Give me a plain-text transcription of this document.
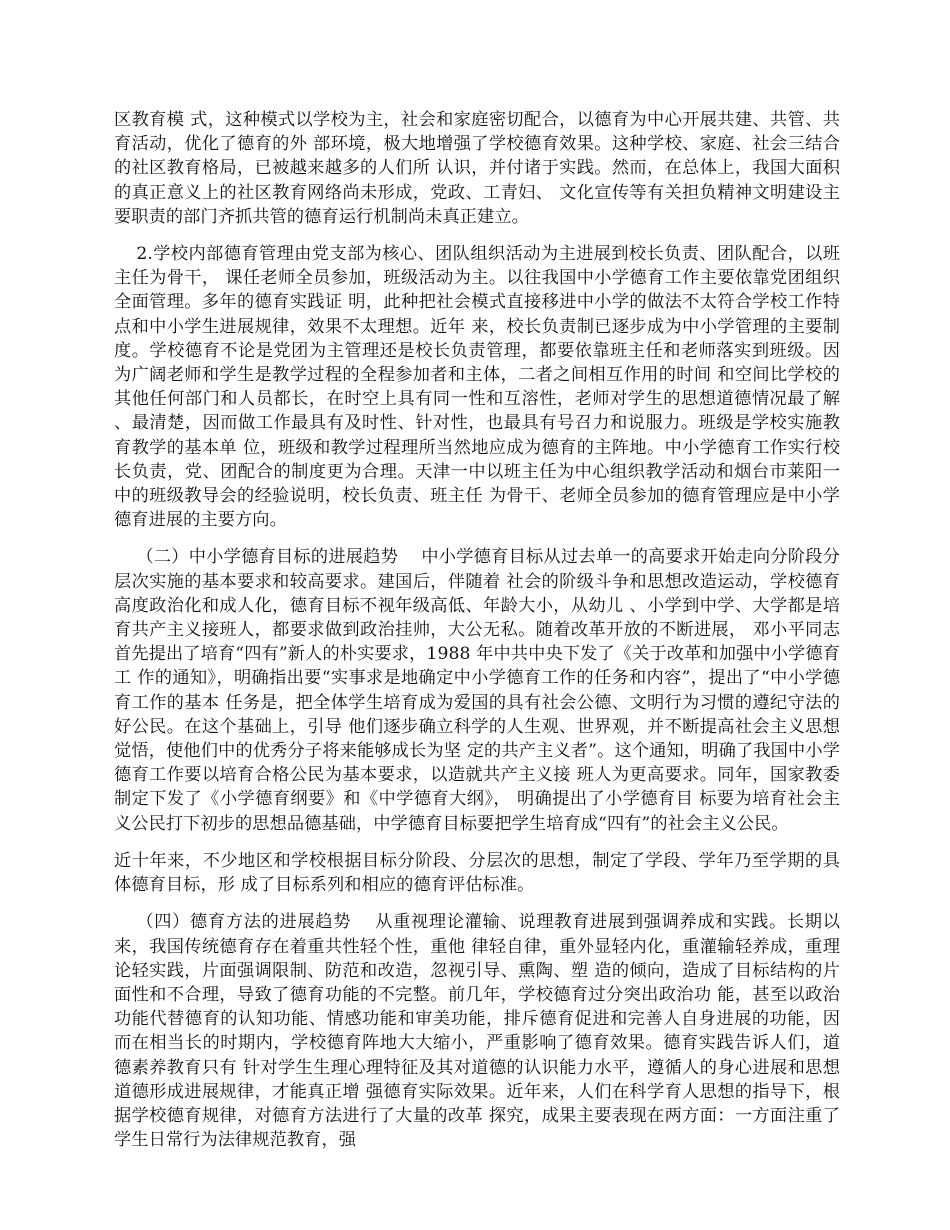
区教育模 式，这种模式以学校为主，社会和家庭密切配合，以德育为中心开展共建、共管、共育活动，优化了德育的外 部环境，极大地增强了学校德育效果。这种学校、家庭、社会三结合的社区教育格局，已被越来越多的人们所 认识，并付诸于实践。然而，在总体上，我国大面积的真正意义上的社区教育网络尚未形成，党政、工青妇、 文化宣传等有关担负精神文明建设主要职责的部门齐抓共管的德育运行机制尚未真正建立。

2.学校内部德育管理由党支部为核心、团队组织活动为主进展到校长负责、团队配合，以班主任为骨干， 课任老师全员参加，班级活动为主。以往我国中小学德育工作主要依靠党团组织全面管理。多年的德育实践证 明，此种把社会模式直接移进中小学的做法不太符合学校工作特点和中小学生进展规律，效果不太理想。近年 来，校长负责制已逐步成为中小学管理的主要制度。学校德育不论是党团为主管理还是校长负责管理，都要依靠班主任和老师落实到班级。因为广阔老师和学生是教学过程的全程参加者和主体，二者之间相互作用的时间 和空间比学校的其他任何部门和人员都长，在时空上具有同一性和互溶性，老师对学生的思想道德情况最了解 、最清楚，因而做工作最具有及时性、针对性，也最具有号召力和说服力。班级是学校实施教育教学的基本单 位，班级和教学过程理所当然地应成为德育的主阵地。中小学德育工作实行校长负责，党、团配合的制度更为合理。天津一中以班主任为中心组织教学活动和烟台市莱阳一中的班级教导会的经验说明，校长负责、班主任 为骨干、老师全员参加的德育管理应是中小学德育进展的主要方向。

（二）中小学德育目标的进展趋势　 中小学德育目标从过去单一的高要求开始走向分阶段分层次实施的基本要求和较高要求。建国后，伴随着 社会的阶级斗争和思想改造运动，学校德育高度政治化和成人化，德育目标不视年级高低、年龄大小，从幼儿 、小学到中学、大学都是培育共产主义接班人，都要求做到政治挂帅，大公无私。随着改革开放的不断进展， 邓小平同志首先提出了培育“四有”新人的朴实要求，1988 年中共中央下发了《关于改革和加强中小学德育工 作的通知》，明确指出要“实事求是地确定中小学德育工作的任务和内容”，提出了“中小学德育工作的基本 任务是，把全体学生培育成为爱国的具有社会公德、文明行为习惯的遵纪守法的好公民。在这个基础上，引导 他们逐步确立科学的人生观、世界观，并不断提高社会主义思想觉悟，使他们中的优秀分子将来能够成长为坚 定的共产主义者”。这个通知，明确了我国中小学德育工作要以培育合格公民为基本要求，以造就共产主义接 班人为更高要求。同年，国家教委制定下发了《小学德育纲要》和《中学德育大纲》， 明确提出了小学德育目 标要为培育社会主义公民打下初步的思想品德基础，中学德育目标要把学生培育成“四有”的社会主义公民。

近十年来，不少地区和学校根据目标分阶段、分层次的思想，制定了学段、学年乃至学期的具体德育目标，形 成了目标系列和相应的德育评估标准。

（四）德育方法的进展趋势　 从重视理论灌输、说理教育进展到强调养成和实践。长期以来，我国传统德育存在着重共性轻个性，重他 律轻自律，重外显轻内化，重灌输轻养成，重理论轻实践，片面强调限制、防范和改造，忽视引导、熏陶、塑 造的倾向，造成了目标结构的片面性和不合理，导致了德育功能的不完整。前几年，学校德育过分突出政治功 能，甚至以政治功能代替德育的认知功能、情感功能和审美功能，排斥德育促进和完善人自身进展的功能，因 而在相当长的时期内，学校德育阵地大大缩小，严重影响了德育效果。德育实践告诉人们，道德素养教育只有 针对学生生理心理特征及其对道德的认识能力水平，遵循人的身心进展和思想道德形成进展规律，才能真正增 强德育实际效果。近年来，人们在科学育人思想的指导下，根据学校德育规律，对德育方法进行了大量的改革 探究，成果主要表现在两方面：一方面注重了学生日常行为法律规范教育，强
